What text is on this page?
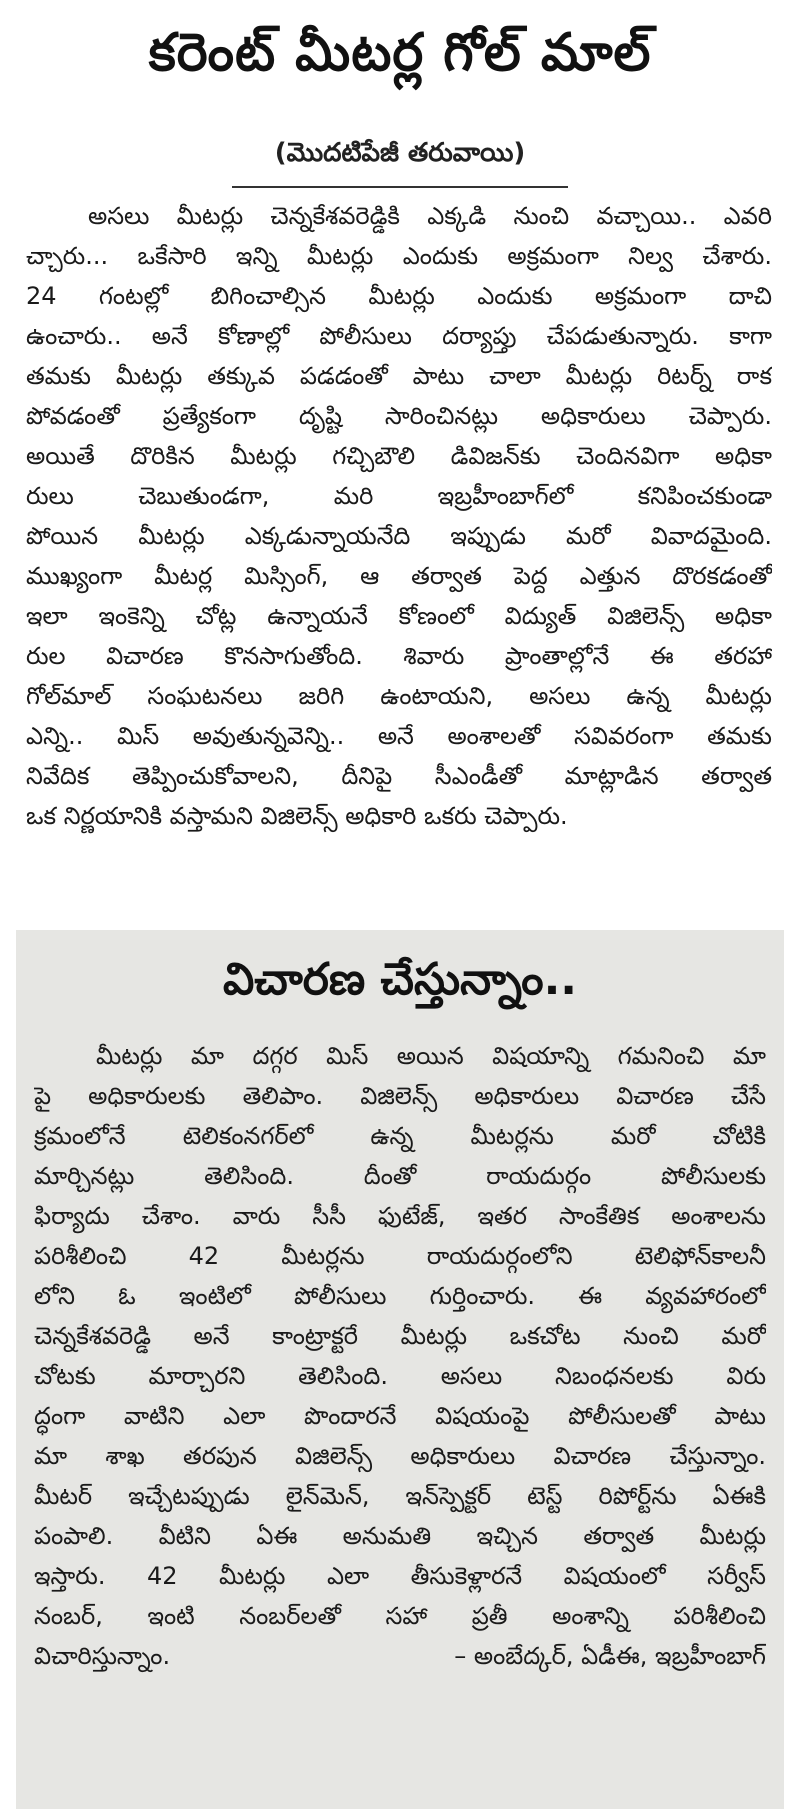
కరెంట్ మీటర్ల గోల్ మాల్
(మొదటిపేజీ తరువాయి)
అసలు మీటర్లు చెన్నకేశవరెడ్డికి ఎక్కడి నుంచి వచ్చాయి.. ఎవరి
చ్చారు... ఒకేసారి ఇన్ని మీటర్లు ఎందుకు అక్రమంగా నిల్వ చేశారు.
24 గంటల్లో బిగించాల్సిన మీటర్లు ఎందుకు అక్రమంగా దాచి
ఉంచారు.. అనే కోణాల్లో పోలీసులు దర్యాప్తు చేపడుతున్నారు. కాగా
తమకు మీటర్లు తక్కువ పడడంతో పాటు చాలా మీటర్లు రిటర్న్ రాక
పోవడంతో ప్రత్యేకంగా దృష్టి సారించినట్లు అధికారులు చెప్పారు.
అయితే దొరికిన మీటర్లు గచ్చిబౌలి డివిజన్‌కు చెందినవిగా అధికా
రులు చెబుతుండగా, మరి ఇబ్రహీంబాగ్‌లో కనిపించకుండా
పోయిన మీటర్లు ఎక్కడున్నాయనేది ఇప్పుడు మరో వివాదమైంది.
ముఖ్యంగా మీటర్ల మిస్సింగ్, ఆ తర్వాత పెద్ద ఎత్తున దొరకడంతో
ఇలా ఇంకెన్ని చోట్ల ఉన్నాయనే కోణంలో విద్యుత్ విజిలెన్స్ అధికా
రుల విచారణ కొనసాగుతోంది. శివారు ప్రాంతాల్లోనే ఈ తరహా
గోల్‌మాల్ సంఘటనలు జరిగి ఉంటాయని, అసలు ఉన్న మీటర్లు
ఎన్ని.. మిస్ అవుతున్నవెన్ని.. అనే అంశాలతో సవివరంగా తమకు
నివేదిక తెప్పించుకోవాలని, దీనిపై సీఎండీతో మాట్లాడిన తర్వాత
ఒక నిర్ణయానికి వస్తామని విజిలెన్స్ అధికారి ఒకరు చెప్పారు.
విచారణ చేస్తున్నాం..
మీటర్లు మా దగ్గర మిస్ అయిన విషయాన్ని గమనించి మా
పై అధికారులకు తెలిపాం. విజిలెన్స్ అధికారులు విచారణ చేసే
క్రమంలోనే టెలికంనగర్‌లో ఉన్న మీటర్లను మరో చోటికి
మార్చినట్లు తెలిసింది. దీంతో రాయదుర్గం పోలీసులకు
ఫిర్యాదు చేశాం. వారు సీసీ ఫుటేజ్, ఇతర సాంకేతిక అంశాలను
పరిశీలించి 42 మీటర్లను రాయదుర్గంలోని టెలిఫోన్‌కాలనీ
లోని ఓ ఇంటిలో పోలీసులు గుర్తించారు. ఈ వ్యవహారంలో
చెన్నకేశవరెడ్డి అనే కాంట్రాక్టరే మీటర్లు ఒకచోట నుంచి మరో
చోటకు మార్చారని తెలిసింది. అసలు నిబంధనలకు విరు
ద్ధంగా వాటిని ఎలా పొందారనే విషయంపై పోలీసులతో పాటు
మా శాఖ తరపున విజిలెన్స్ అధికారులు విచారణ చేస్తున్నాం.
మీటర్ ఇచ్చేటప్పుడు లైన్‌మెన్, ఇన్‌స్పెక్టర్ టెస్ట్ రిపోర్ట్‌ను ఏఈకి
పంపాలి. వీటిని ఏఈ అనుమతి ఇచ్చిన తర్వాత మీటర్లు
ఇస్తారు. 42 మీటర్లు ఎలా తీసుకెళ్లారనే విషయంలో సర్వీస్
నంబర్, ఇంటి నంబర్‌లతో సహా ప్రతీ అంశాన్ని పరిశీలించి
విచారిస్తున్నాం.	– అంబేద్కర్, ఏడీఈ, ఇబ్రహీంబాగ్
